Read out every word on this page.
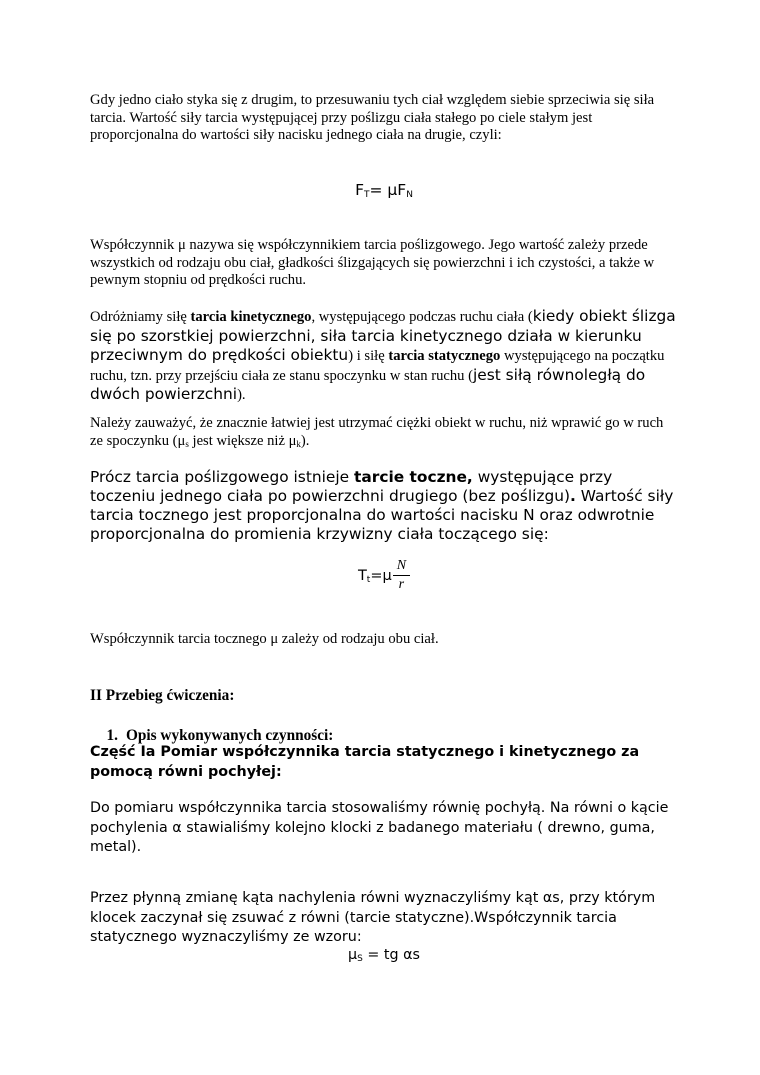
Gdy jedno ciało styka się z drugim, to przesuwaniu tych ciał względem siebie sprzeciwia się siła tarcia. Wartość siły tarcia występującej przy poślizgu ciała stałego po ciele stałym jest proporcjonalna do wartości siły nacisku jednego ciała na drugie, czyli:

$F_T= \mu F_N$

Współczynnik μ nazywa się współczynnikiem tarcia poślizgowego. Jego wartość zależy przede wszystkich od rodzaju obu ciał, gładkości ślizgających się powierzchni i ich czystości, a także w pewnym stopniu od prędkości ruchu.

Odróżniamy siłę tarcia kinetycznego, występującego podczas ruchu ciała (kiedy obiekt ślizga się po szorstkiej powierzchni, siła tarcia kinetycznego działa w kierunku przeciwnym do prędkości obiektu) i siłę tarcia statycznego występującego na początku ruchu, tzn. przy przejściu ciała ze stanu spoczynku w stan ruchu (jest siłą równoległą do dwóch powierzchni).

Należy zauważyć, że znacznie łatwiej jest utrzymać ciężki obiekt w ruchu, niż wprawić go w ruch ze spoczynku ($\mu_s$ jest większe niż $\mu_k$).

Prócz tarcia poślizgowego istnieje tarcie toczne, występujące przy toczeniu jednego ciała po powierzchni drugiego (bez poślizgu). Wartość siły tarcia tocznego jest proporcjonalna do wartości nacisku N oraz odwrotnie proporcjonalna do promienia krzywizny ciała toczącego się:

$T_t=\mu \frac{N}{r}$

Współczynnik tarcia tocznego μ zależy od rodzaju obu ciał.

II Przebieg ćwiczenia:

1. Opis wykonywanych czynności:

Część Ia Pomiar współczynnika tarcia statycznego i kinetycznego za pomocą równi pochyłej:

Do pomiaru współczynnika tarcia stosowaliśmy równię pochyłą. Na równi o kącie
pochylenia α stawialiśmy kolejno klocki z badanego materiału ( drewno, guma, metal).

Przez płynną zmianę kąta nachylenia równi wyznaczyliśmy kąt αs, przy którym klocek zaczynał się zsuwać z równi (tarcie statyczne).Współczynnik tarcia statycznego wyznaczyliśmy ze wzoru:

$\mu_S$ = tg αs
